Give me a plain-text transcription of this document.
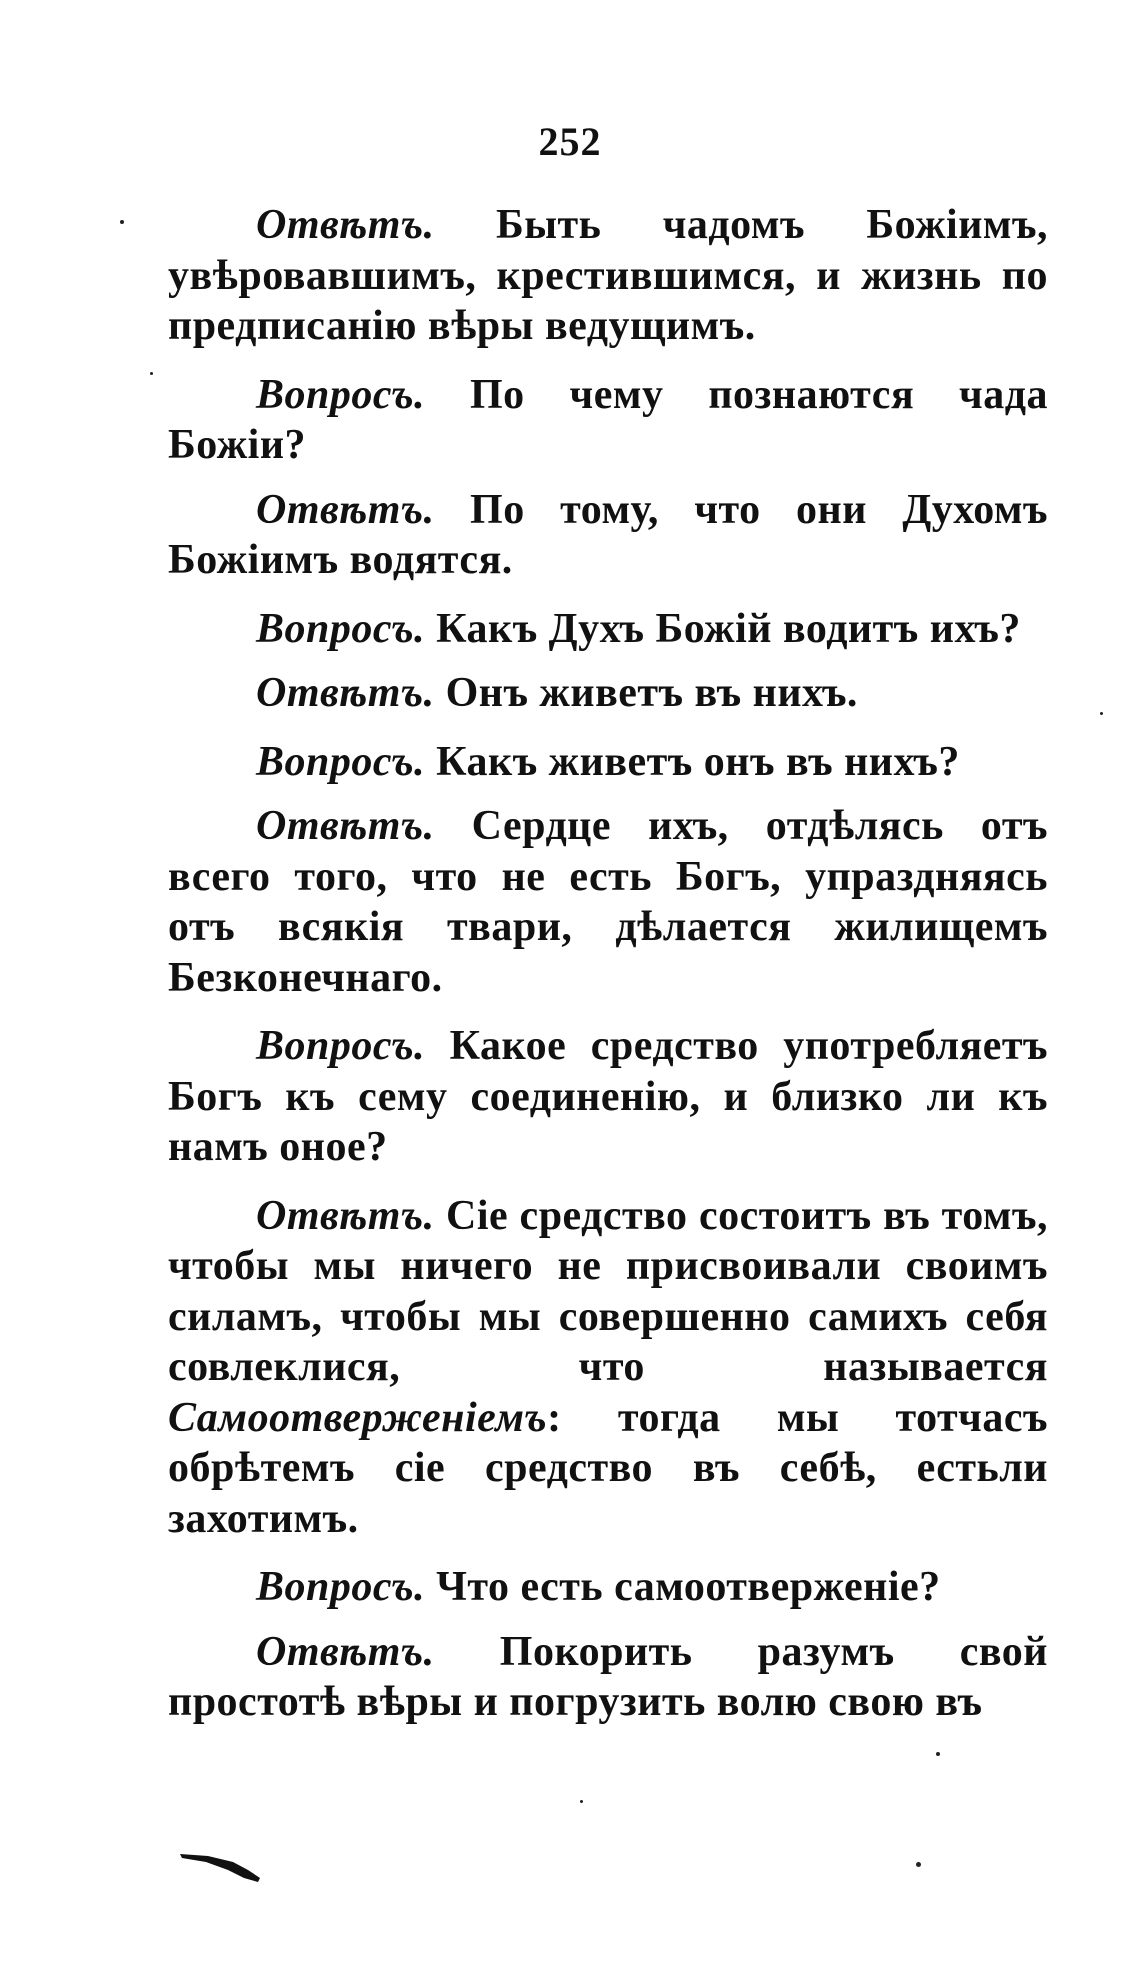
252

Отвѣтъ. Быть чадомъ Божіимъ, увѣровавшимъ, крестившимся, и жизнь по предписанію вѣры ведущимъ.

Вопросъ. По чему познаются чада Божіи?

Отвѣтъ. По тому, что они Духомъ Божіимъ водятся.

Вопросъ. Какъ Духъ Божій водитъ ихъ?

Отвѣтъ. Онъ живетъ въ нихъ.

Вопросъ. Какъ живетъ онъ въ нихъ?

Отвѣтъ. Сердце ихъ, отдѣлясь отъ всего того, что не есть Богъ, упраздняясь отъ всякія твари, дѣлается жилищемъ Безконечнаго.

Вопросъ. Какое средство употребляетъ Богъ къ сему соединенію, и близко ли къ намъ оное?

Отвѣтъ. Сіе средство состоитъ въ томъ, чтобы мы ничего не присвоивали своимъ силамъ, чтобы мы совершенно самихъ себя совлеклися, что называется Самоотверженіемъ: тогда мы тотчасъ обрѣтемъ сіе средство въ себѣ, естьли захотимъ.

Вопросъ. Что есть самоотверженіе?

Отвѣтъ. Покорить разумъ свой простотѣ вѣры и погрузить волю свою въ
